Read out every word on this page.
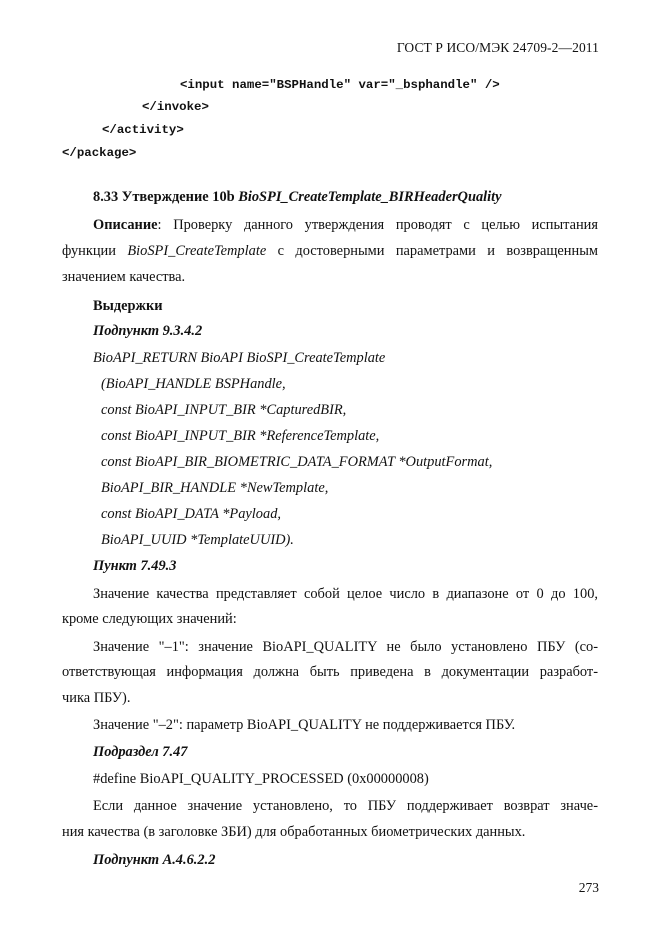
ГОСТ Р ИСО/МЭК 24709-2—2011
<input name="BSPHandle" var="_bsphandle" />
</invoke>
</activity>
</package>
8.33 Утверждение 10b BioSPI_CreateTemplate_BIRHeaderQuality
Описание: Проверку данного утверждения проводят с целью испытания
функции BioSPI_CreateTemplate с достоверными параметрами и возвращенным
значением качества.
Выдержки
Подпункт 9.3.4.2
BioAPI_RETURN BioAPI BioSPI_CreateTemplate
(BioAPI_HANDLE BSPHandle,
const BioAPI_INPUT_BIR *CapturedBIR,
const BioAPI_INPUT_BIR *ReferenceTemplate,
const BioAPI_BIR_BIOMETRIC_DATA_FORMAT *OutputFormat,
BioAPI_BIR_HANDLE *NewTemplate,
const BioAPI_DATA *Payload,
BioAPI_UUID *TemplateUUID).
Пункт 7.49.3
Значение качества представляет собой целое число в диапазоне от 0 до 100,
кроме следующих значений:
Значение "–1": значение BioAPI_QUALITY не было установлено ПБУ (со-
ответствующая информация должна быть приведена в документации разработ-
чика ПБУ).
Значение "–2": параметр BioAPI_QUALITY не поддерживается ПБУ.
Подраздел 7.47
#define BioAPI_QUALITY_PROCESSED (0x00000008)
Если данное значение установлено, то ПБУ поддерживает возврат значе-
ния качества (в заголовке ЗБИ) для обработанных биометрических данных.
Подпункт A.4.6.2.2
273
